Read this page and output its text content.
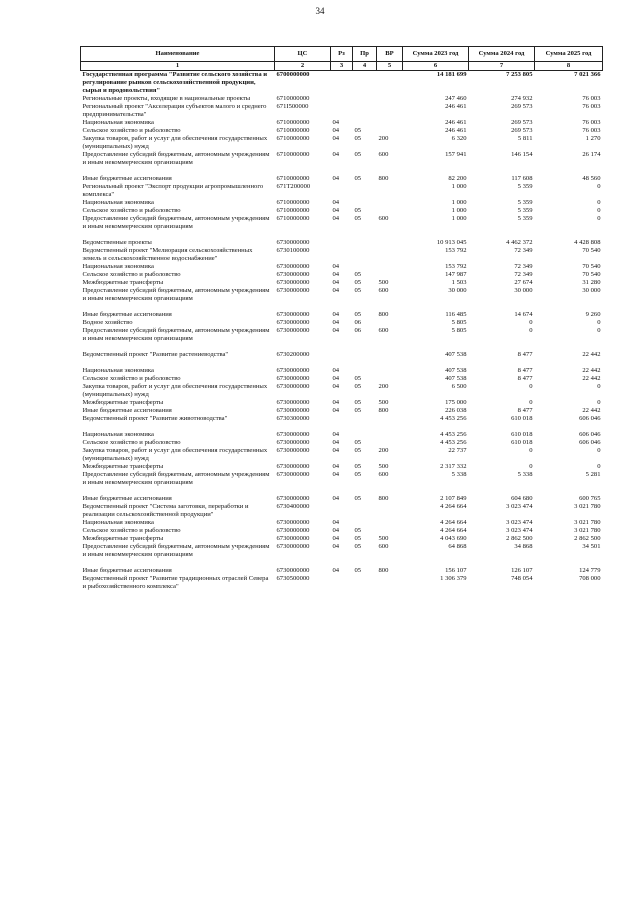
34
Наименование	ЦС	Рз	Пр	ВР	Сумма 2023 год	Сумма 2024 год	Сумма 2025 год
1	2	3	4	5	6	7	8
Государственная программа "Развитие сельского хозяйства и регулирование рынков сельскохозяйственной продукции, сырья и продовольствия"	6700000000				14 181 699	7 253 805	7 021 366
Региональные проекты, входящие в национальные проекты	6710000000				247 460	274 932	76 003
Региональный проект "Акселерация субъектов малого и среднего предпринимательства"	671I500000				246 461	269 573	76 003
Национальная экономика	6710000000	04			246 461	269 573	76 003
Сельское хозяйство и рыболовство	6710000000	04	05		246 461	269 573	76 003
Закупка товаров, работ и услуг для обеспечения государственных (муниципальных) нужд	6710000000	04	05	200	6 320	5 811	1 270
Предоставление субсидий бюджетным, автономным учреждениям и иным некоммерческим организациям	6710000000	04	05	600	157 941	146 154	26 174

Иные бюджетные ассигнования	6710000000	04	05	800	82 200	117 608	48 560
Региональный проект "Экспорт продукции агропромышленного комплекса"	671T200000				1 000	5 359	0
Национальная экономика	6710000000	04			1 000	5 359	0
Сельское хозяйство и рыболовство	6710000000	04	05		1 000	5 359	0
Предоставление субсидий бюджетным, автономным учреждениям и иным некоммерческим организациям	6710000000	04	05	600	1 000	5 359	0

Ведомственные проекты	6730000000				10 913 045	4 462 372	4 428 808
Ведомственный проект "Мелиорация сельскохозяйственных земель и сельскохозяйственное водоснабжение"	6730100000				153 792	72 349	70 540
Национальная экономика	6730000000	04			153 792	72 349	70 540
Сельское хозяйство и рыболовство	6730000000	04	05		147 987	72 349	70 540
Межбюджетные трансферты	6730000000	04	05	500	1 503	27 674	31 280
Предоставление субсидий бюджетным, автономным учреждениям и иным некоммерческим организациям	6730000000	04	05	600	30 000	30 000	30 000

Иные бюджетные ассигнования	6730000000	04	05	800	116 485	14 674	9 260
Водное хозяйство	6730000000	04	06		5 805	0	0
Предоставление субсидий бюджетным, автономным учреждениям и иным некоммерческим организациям	6730000000	04	06	600	5 805	0	0

Ведомственный проект "Развитие растениеводства"	6730200000				407 538	8 477	22 442

Национальная экономика	6730000000	04			407 538	8 477	22 442
Сельское хозяйство и рыболовство	6730000000	04	05		407 538	8 477	22 442
Закупка товаров, работ и услуг для обеспечения государственных (муниципальных) нужд	6730000000	04	05	200	6 500	0	0
Межбюджетные трансферты	6730000000	04	05	500	175 000	0	0
Иные бюджетные ассигнования	6730000000	04	05	800	226 038	8 477	22 442
Ведомственный проект "Развитие животноводства"	6730300000				4 453 256	610 018	606 046

Национальная экономика	6730000000	04			4 453 256	610 018	606 046
Сельское хозяйство и рыболовство	6730000000	04	05		4 453 256	610 018	606 046
Закупка товаров, работ и услуг для обеспечения государственных (муниципальных) нужд	6730000000	04	05	200	22 737	0	0
Межбюджетные трансферты	6730000000	04	05	500	2 317 332	0	0
Предоставление субсидий бюджетным, автономным учреждениям и иным некоммерческим организациям	6730000000	04	05	600	5 338	5 338	5 281

Иные бюджетные ассигнования	6730000000	04	05	800	2 107 849	604 680	600 765
Ведомственный проект "Система заготовки, переработки и реализации сельскохозяйственной продукции"	6730400000				4 264 664	3 023 474	3 021 780
Национальная экономика	6730000000	04			4 264 664	3 023 474	3 021 780
Сельское хозяйство и рыболовство	6730000000	04	05		4 264 664	3 023 474	3 021 780
Межбюджетные трансферты	6730000000	04	05	500	4 043 690	2 862 500	2 862 500
Предоставление субсидий бюджетным, автономным учреждениям и иным некоммерческим организациям	6730000000	04	05	600	64 868	34 868	34 501

Иные бюджетные ассигнования	6730000000	04	05	800	156 107	126 107	124 779
Ведомственный проект "Развитие традиционных отраслей Севера и рыбохозяйственного комплекса"	6730500000				1 306 379	748 054	708 000
